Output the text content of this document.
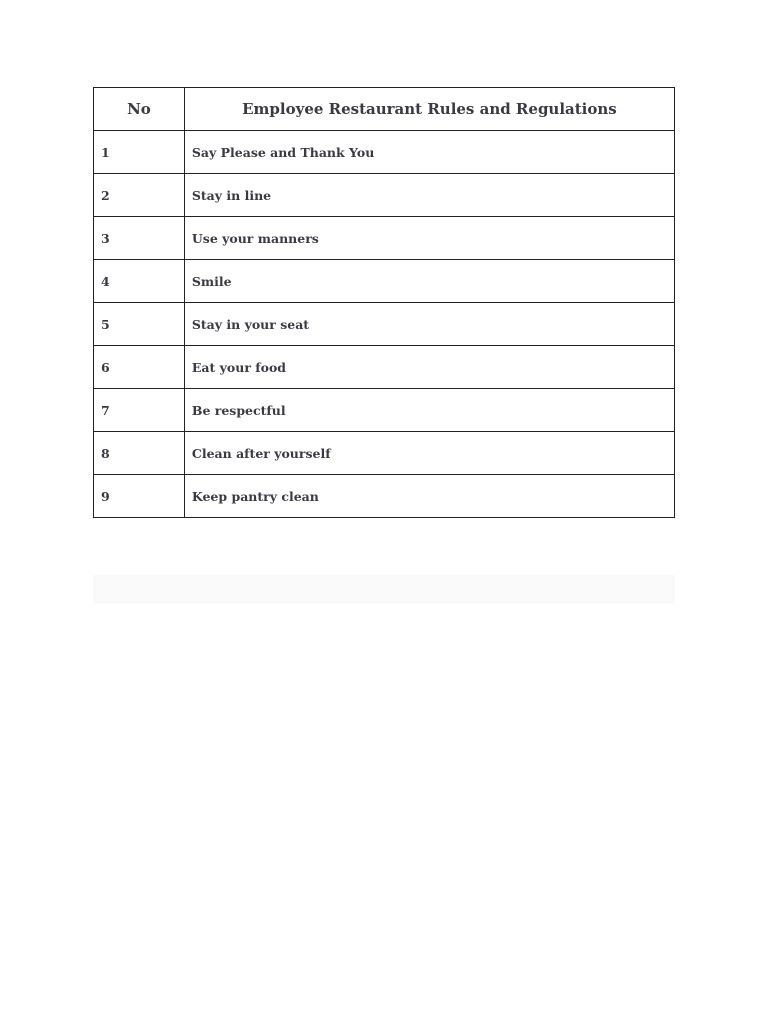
No	Employee Restaurant Rules and Regulations
1	Say Please and Thank You
2	Stay in line
3	Use your manners
4	Smile
5	Stay in your seat
6	Eat your food
7	Be respectful
8	Clean after yourself
9	Keep pantry clean
